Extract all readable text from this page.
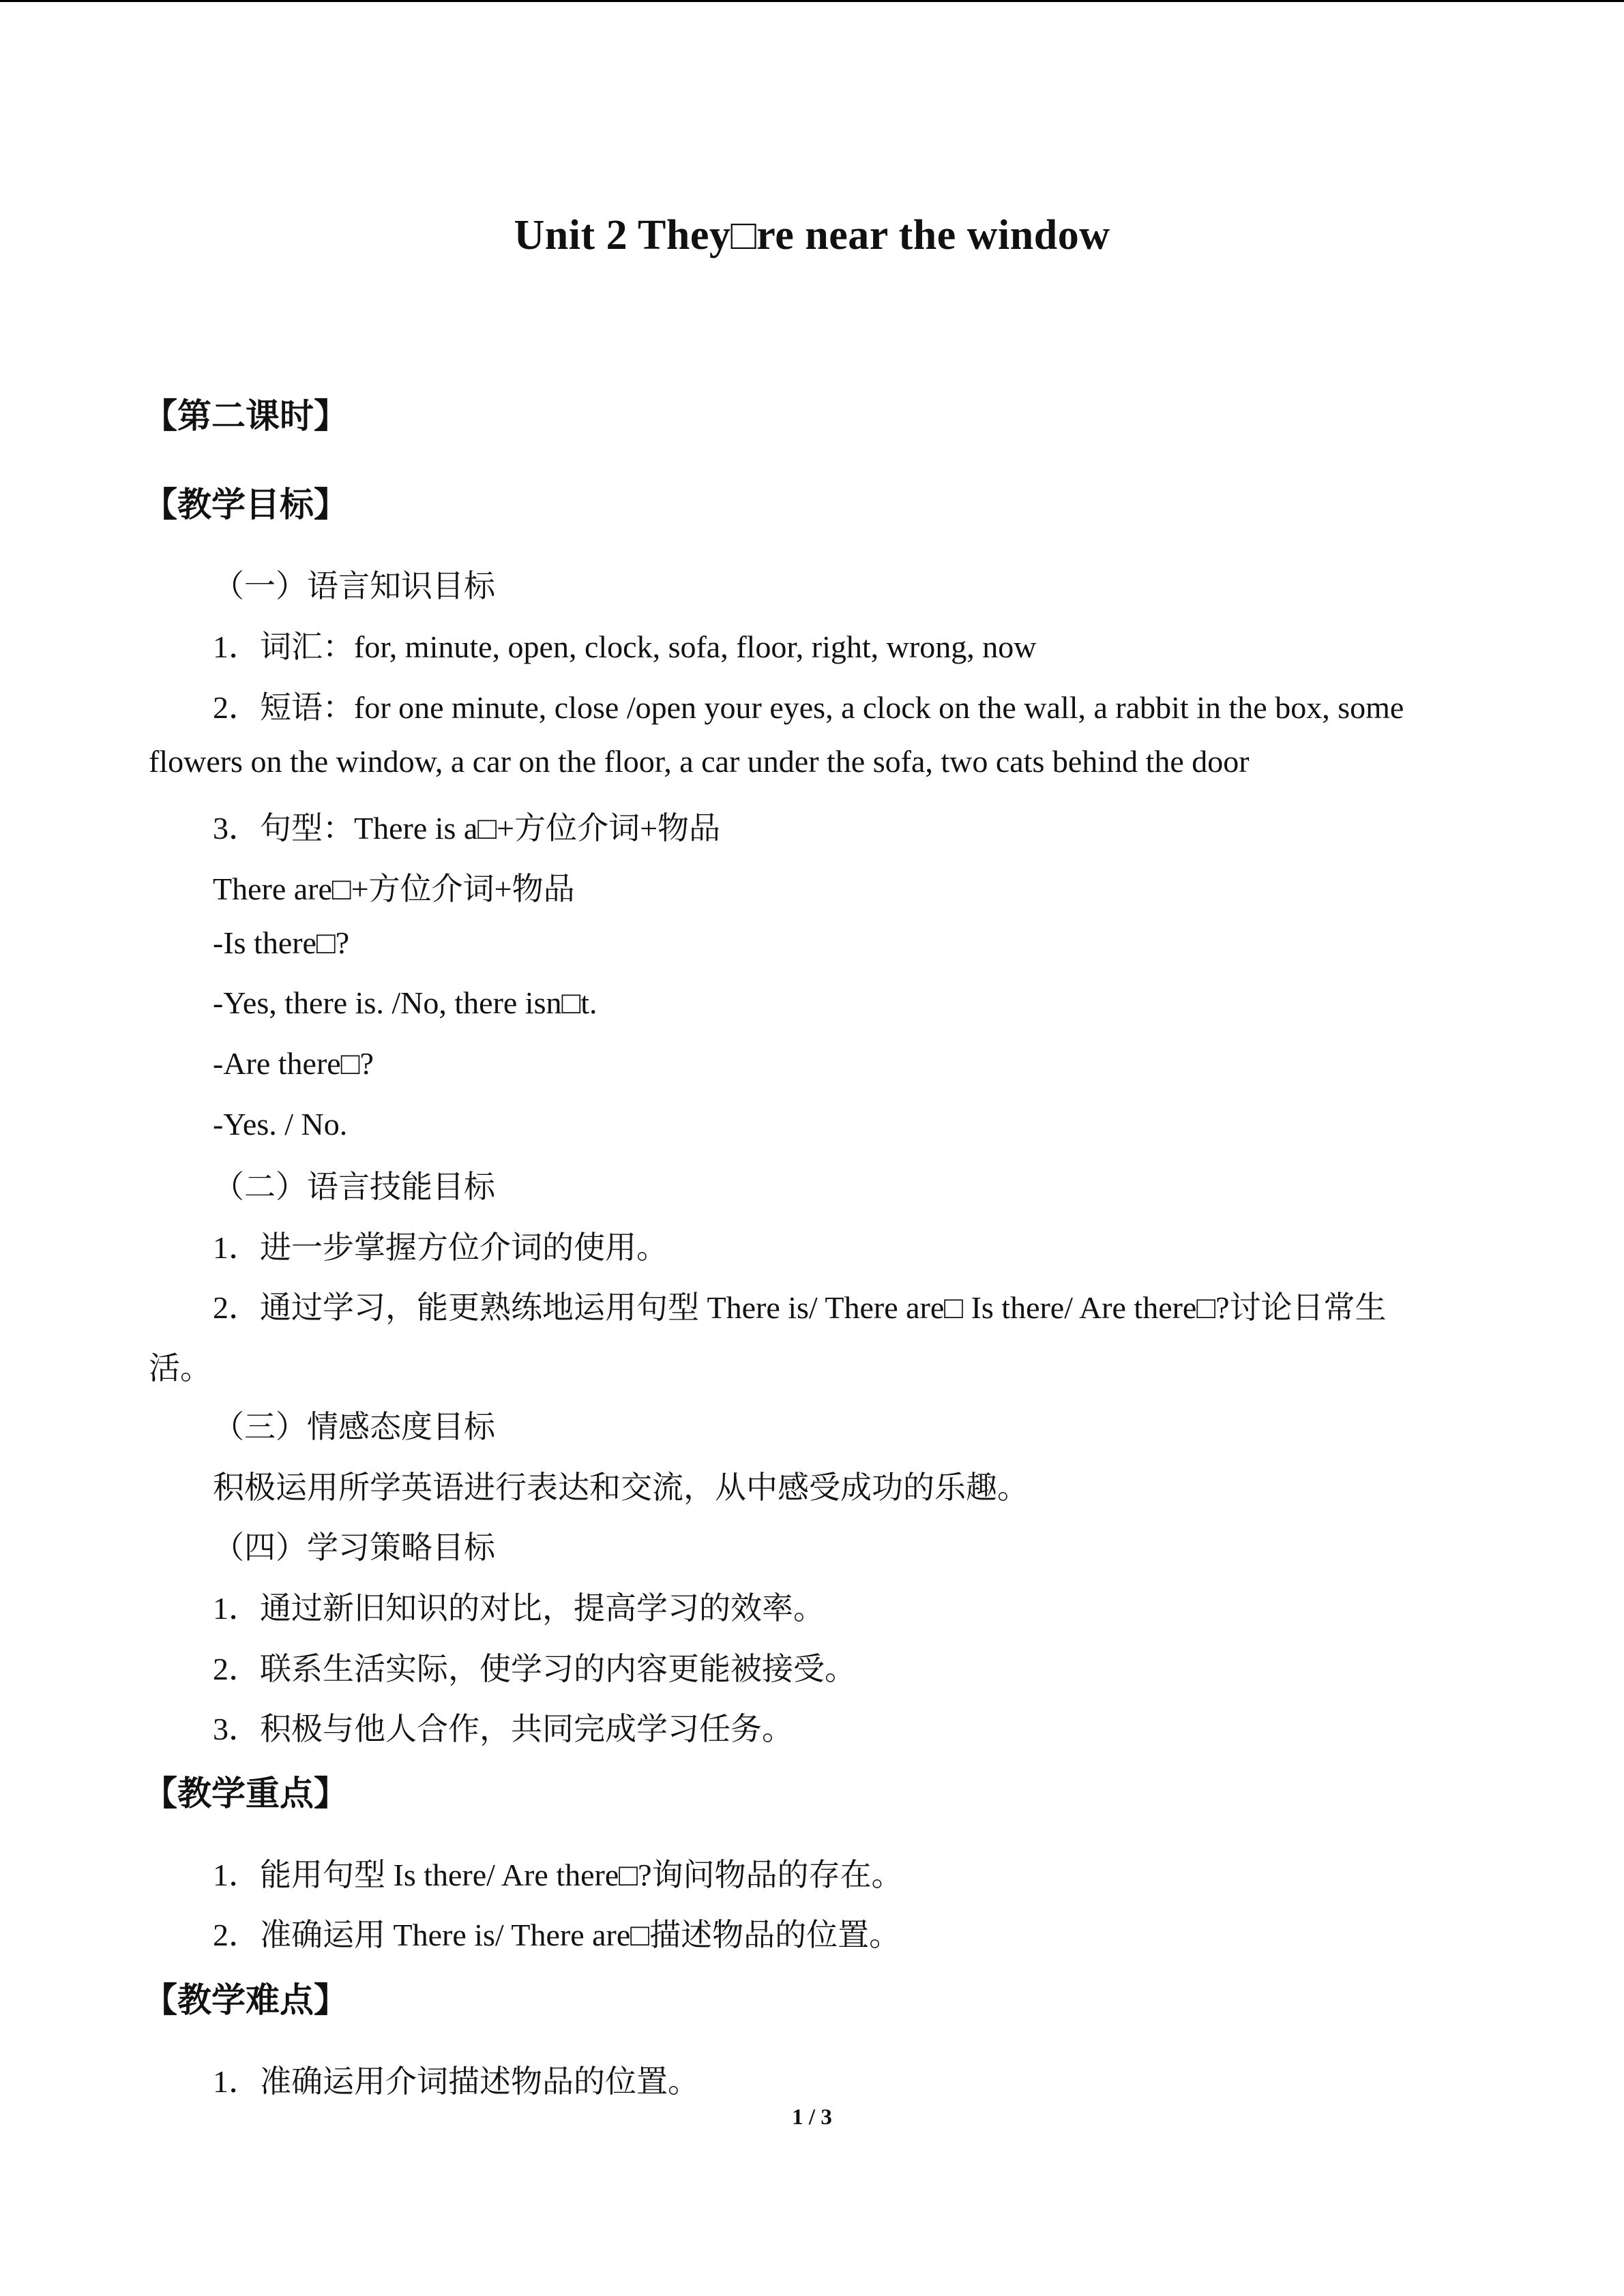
Unit 2 They□re near the window
【第二课时】
【教学目标】
（一）语言知识目标
1．词汇：for, minute, open, clock, sofa, floor, right, wrong, now
2．短语：for one minute, close /open your eyes, a clock on the wall, a rabbit in the box, some
flowers on the window, a car on the floor, a car under the sofa, two cats behind the door
3．句型：There is a□+方位介词+物品
There are□+方位介词+物品
-Is there□?
-Yes, there is. /No, there isn□t.
-Are there□?
-Yes. / No.
（二）语言技能目标
1．进一步掌握方位介词的使用。
2．通过学习，能更熟练地运用句型 There is/ There are□ Is there/ Are there□?讨论日常生
活。
（三）情感态度目标
积极运用所学英语进行表达和交流，从中感受成功的乐趣。
（四）学习策略目标
1．通过新旧知识的对比，提高学习的效率。
2．联系生活实际，使学习的内容更能被接受。
3．积极与他人合作，共同完成学习任务。
【教学重点】
1．能用句型 Is there/ Are there□?询问物品的存在。
2．准确运用 There is/ There are□描述物品的位置。
【教学难点】
1．准确运用介词描述物品的位置。
1 / 3
